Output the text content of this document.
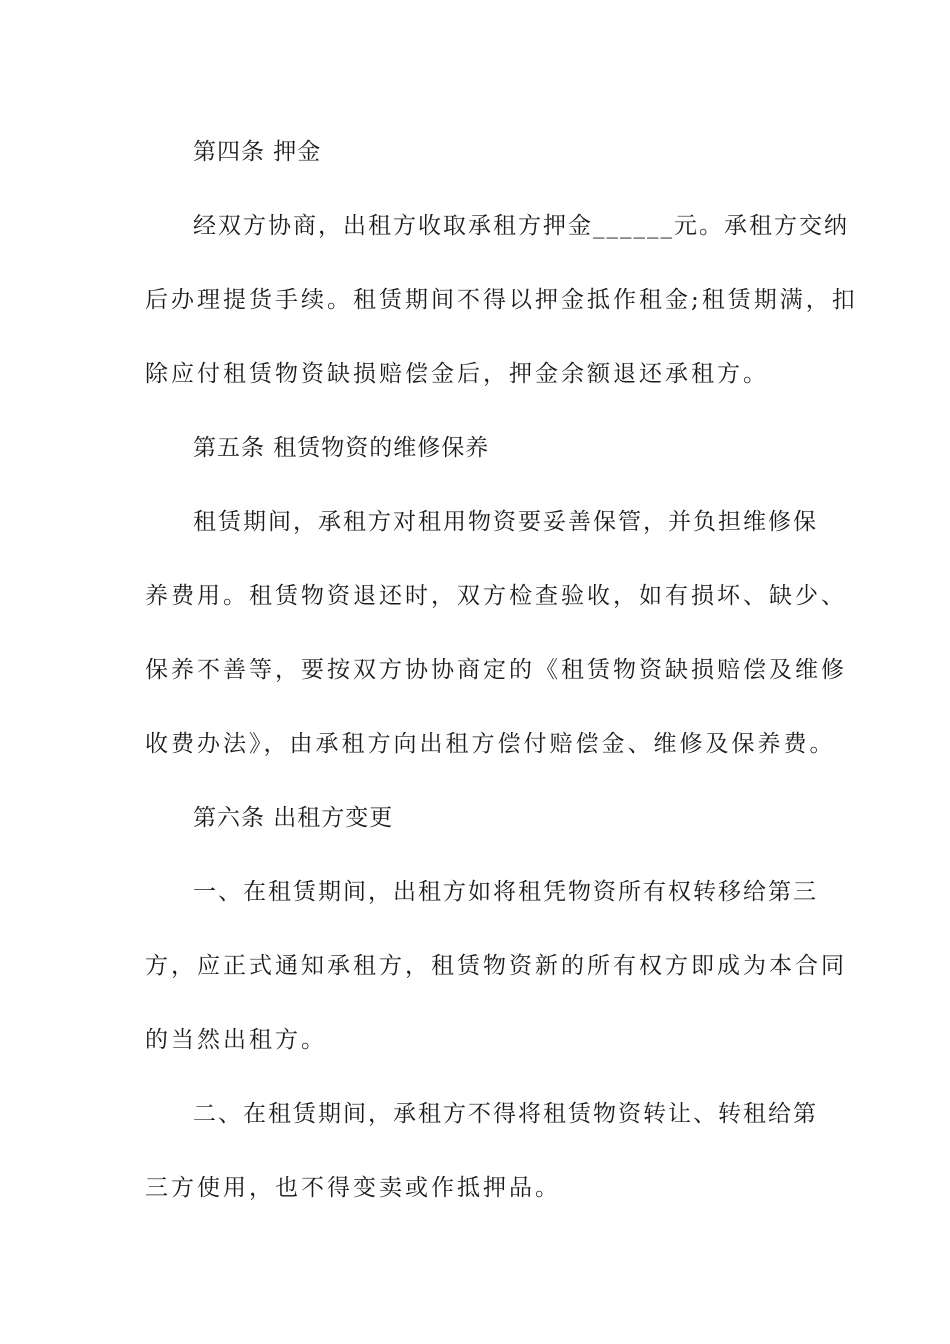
第四条 押金
经双方协商，出租方收取承租方押金______元。承租方交纳
后办理提货手续。租赁期间不得以押金抵作租金;租赁期满，扣
除应付租赁物资缺损赔偿金后，押金余额退还承租方。
第五条 租赁物资的维修保养
租赁期间，承租方对租用物资要妥善保管，并负担维修保
养费用。租赁物资退还时，双方检查验收，如有损坏、缺少、
保养不善等，要按双方协协商定的《租赁物资缺损赔偿及维修
收费办法》，由承租方向出租方偿付赔偿金、维修及保养费。
第六条 出租方变更
一、在租赁期间，出租方如将租凭物资所有权转移给第三
方，应正式通知承租方，租赁物资新的所有权方即成为本合同
的当然出租方。
二、在租赁期间，承租方不得将租赁物资转让、转租给第
三方使用，也不得变卖或作抵押品。
